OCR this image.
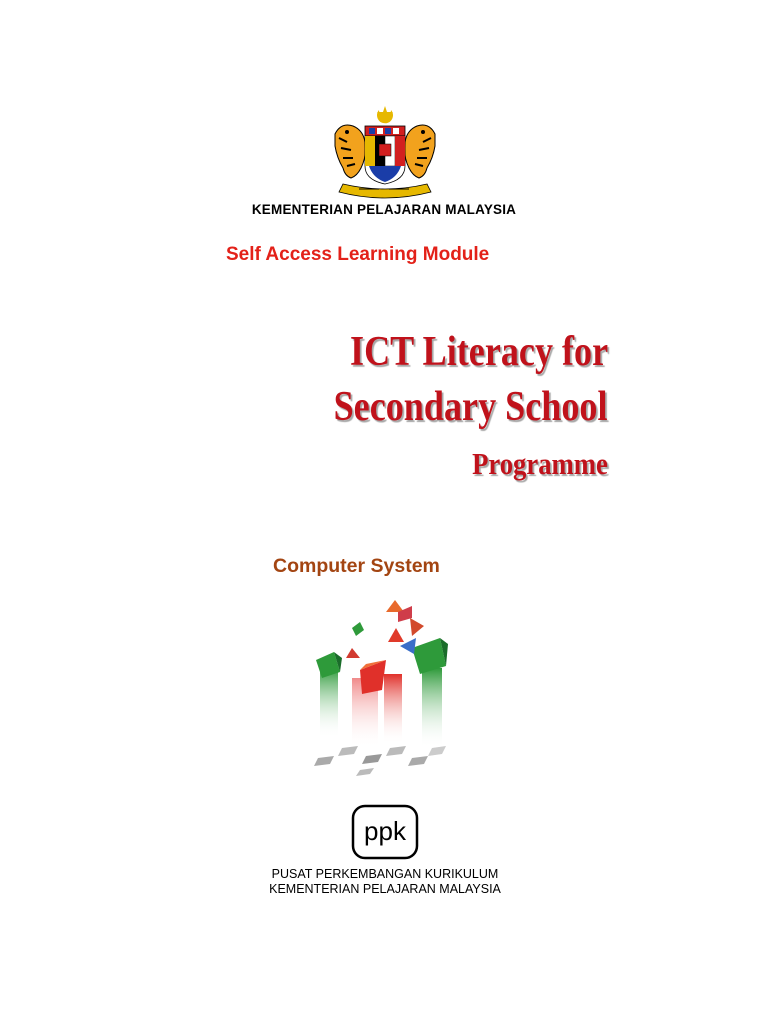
KEMENTERIAN PELAJARAN MALAYSIA
Self Access Learning Module
ICT Literacy for
Secondary School
Programme
Computer System
ppk
PUSAT PERKEMBANGAN KURIKULUM
KEMENTERIAN PELAJARAN MALAYSIA
